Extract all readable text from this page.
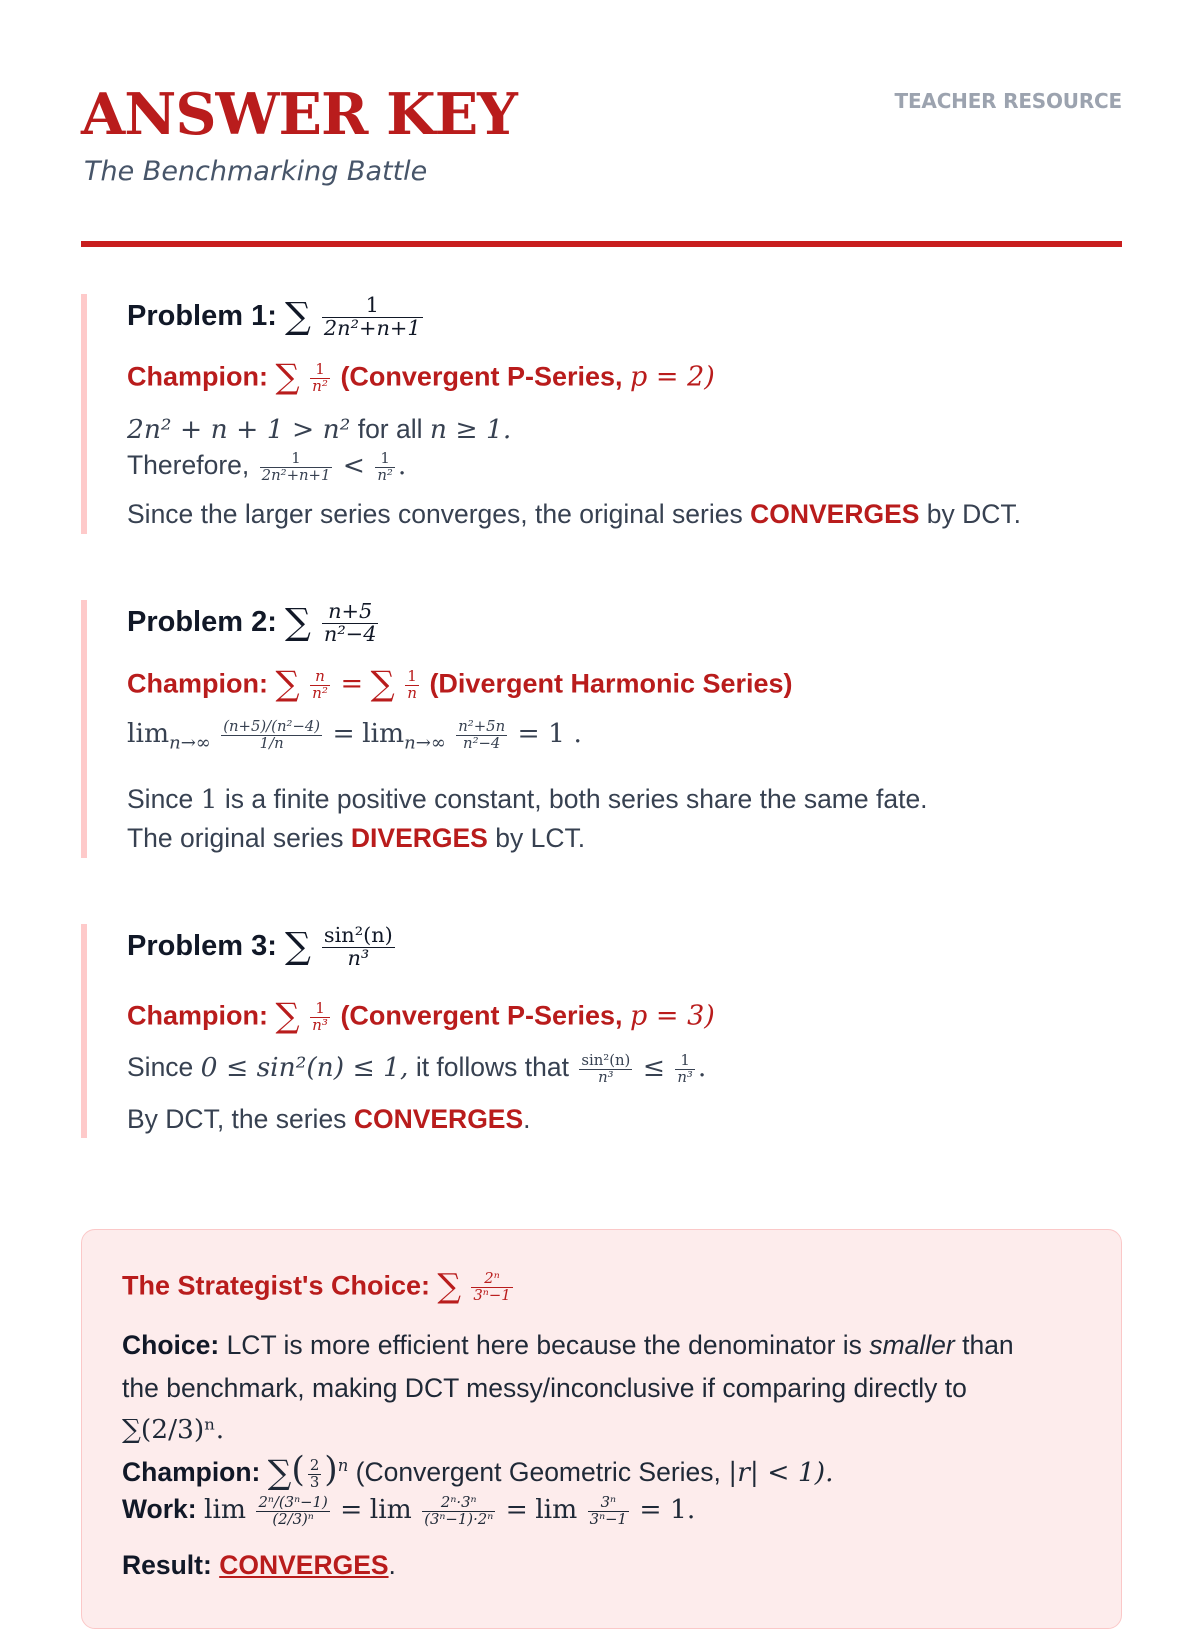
ANSWER KEY
The Benchmarking Battle
TEACHER RESOURCE
Problem 1: ∑ $\frac{1}{\text{2n²+n+1}}$
Champion: ∑ $\frac{1}{\text{n²}}$ (Convergent P-Series, p = 2)
2n² + n + 1 > n² for all n ≥ 1.
Therefore, $\frac{1}{\text{2n²+n+1}} < \frac{1}{\text{n²}}$ .
Since the larger series converges, the original series CONVERGES by DCT.
Problem 2: ∑ $\frac{n+5}{\text{n²−4}}$
Champion: ∑ $\frac{n}{\text{n²}}$ = ∑ $\frac{1}{n}$ (Divergent Harmonic Series)
$\lim_{n\to\infty} \frac{\text{(n+5)/(n²−4)}}{1/n} = \lim_{n\to\infty} \frac{\text{n²+5n}}{\text{n²−4}} = 1$ .
Since 1 is a finite positive constant, both series share the same fate.
The original series DIVERGES by LCT.
Problem 3: ∑ $\frac{\text{sin²(n)}}{\text{n³}}$
Champion: ∑ $\frac{1}{\text{n³}}$ (Convergent P-Series, p = 3)
Since 0 ≤ sin²(n) ≤ 1, it follows that $\frac{\text{sin²(n)}}{\text{n³}} \le \frac{1}{\text{n³}}$ .
By DCT, the series CONVERGES.
The Strategist's Choice: ∑ $\frac{\text{2ⁿ}}{\text{3ⁿ−1}}$
Choice: LCT is more efficient here because the denominator is smaller than
the benchmark, making DCT messy/inconclusive if comparing directly to
∑(2/3)ⁿ.
Champion: ∑( $\frac{2}{3} )^n$ (Convergent Geometric Series, |r| < 1).
Work: $\lim \frac{\text{2ⁿ/(3ⁿ−1)}}{\text{(2/3)ⁿ}} = \lim \frac{\text{2ⁿ·3ⁿ}}{\text{(3ⁿ−1)·2ⁿ}} = \lim \frac{\text{3ⁿ}}{\text{3ⁿ−1}} = 1$.
Result: CONVERGES.
